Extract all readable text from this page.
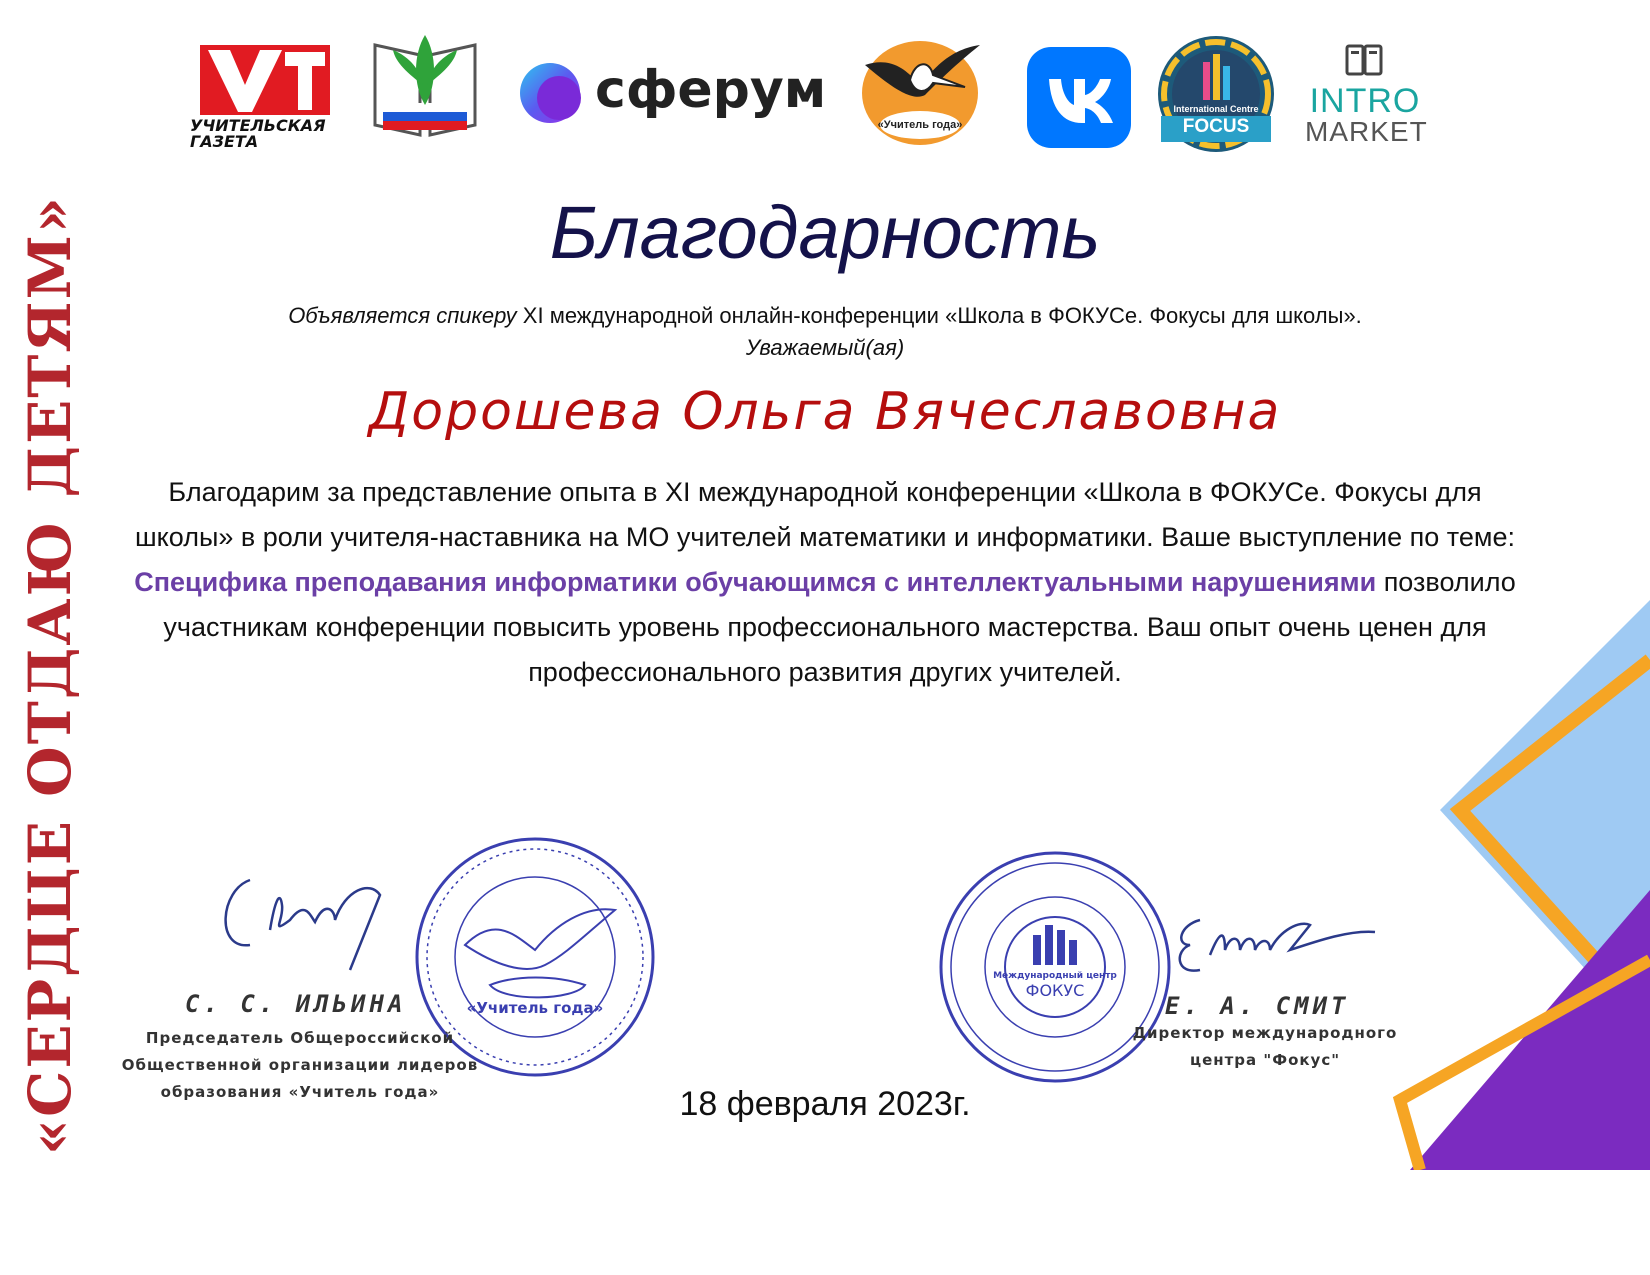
«СЕРДЦЕ ОТДАЮ ДЕТЯМ»
УЧИТЕЛЬСКАЯ
ГАЗЕТА
сферум
«Учитель года»
International Centre
FOCUS
INTRO
MARKET
Благодарность
Объявляется спикеру XI международной онлайн-конференции «Школа в ФОКУСе. Фокусы для школы».
Уважаемый(ая)
Дорошева Ольга Вячеславовна
Благодарим за представление опыта в XI международной конференции «Школа в ФОКУСе. Фокусы для школы» в роли учителя-наставника на МО учителей математики и информатики. Ваше выступление по теме: Специфика преподавания информатики обучающимся с интеллектуальными нарушениями позволило участникам конференции повысить уровень профессионального мастерства. Ваш опыт очень ценен для профессионального развития других учителей.
«Учитель года»
С. С. ИЛЬИНА
Председатель Общероссийской
Общественной организации лидеров
образования «Учитель года»
Международный центр
ФОКУС
Е. А. СМИТ
Директор международного
центра "Фокус"
18 февраля 2023г.
